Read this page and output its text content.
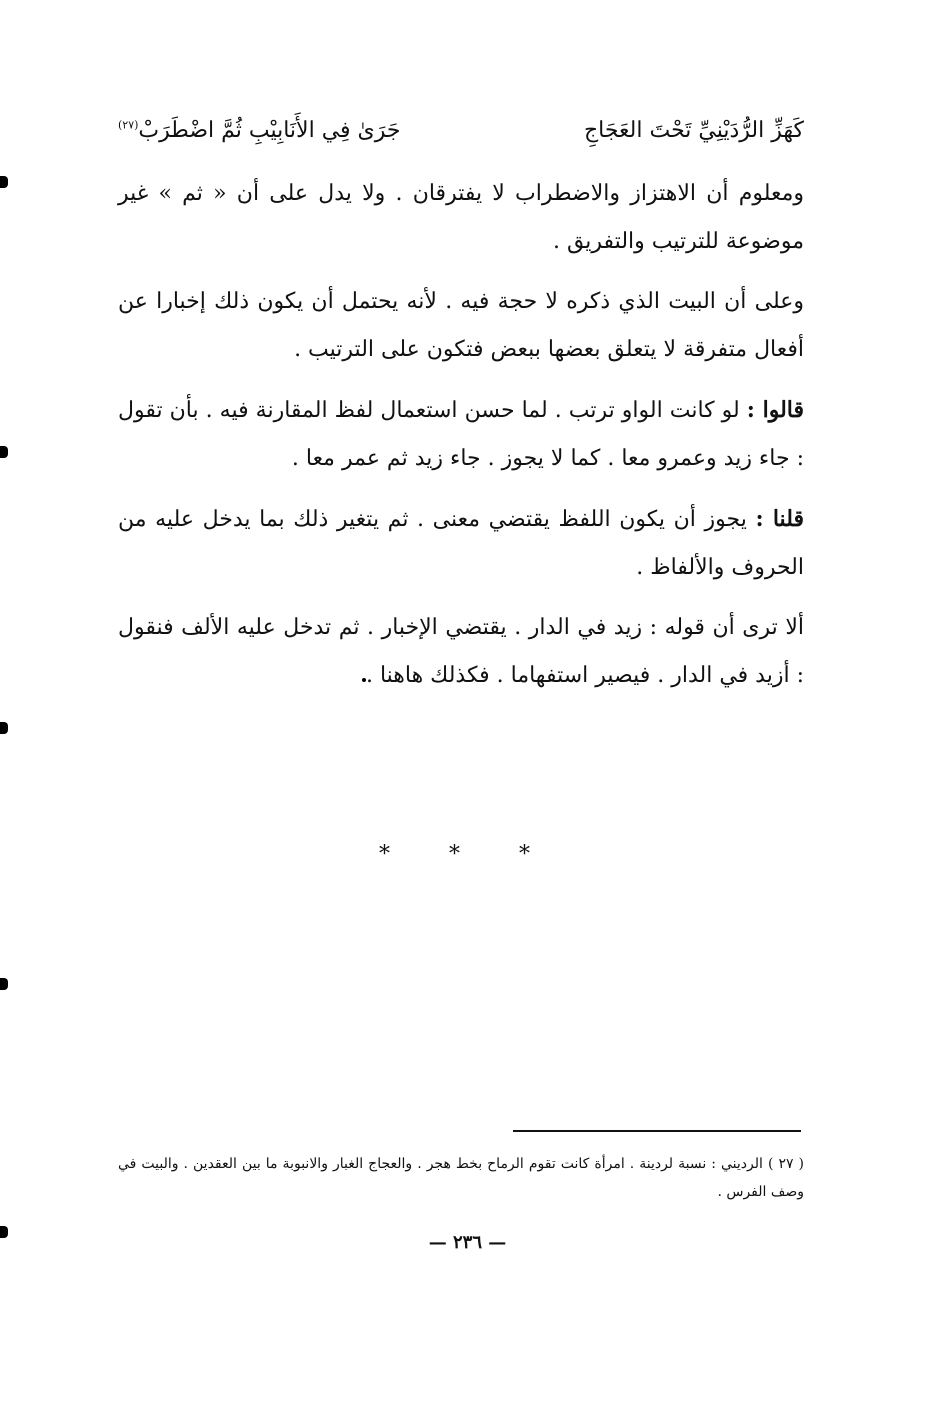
كَهَزِّ الرُّدَيْنِيِّ تَحْتَ العَجَاجِ
جَرَىٰ فِي الأَنَابِيْبِ ثُمَّ اضْطَرَبْ$^{(٢٧)}$

ومعلوم أن الاهتزاز والاضطراب لا يفترقان . ولا يدل على أن « ثم » غير موضوعة للترتيب والتفريق .

وعلى أن البيت الذي ذكره لا حجة فيه . لأنه يحتمل أن يكون ذلك إخبارا عن أفعال متفرقة لا يتعلق بعضها ببعض فتكون على الترتيب .

قالوا : لو كانت الواو ترتب . لما حسن استعمال لفظ المقارنة فيه . بأن تقول : جاء زيد وعمرو معا . كما لا يجوز . جاء زيد ثم عمر معا .

قلنا : يجوز أن يكون اللفظ يقتضي معنى . ثم يتغير ذلك بما يدخل عليه من الحروف والألفاظ .

ألا ترى أن قوله : زيد في الدار . يقتضي الإخبار . ثم تدخل عليه الألف فنقول : أزيد في الدار . فيصير استفهاما . فكذلك هاهنا .

* * *
( ٢٧ ) الرديني : نسبة لردينة . امرأة كانت تقوم الرماح بخط هجر . والعجاج الغبار والانبوبة ما بين العقدين . والبيت في وصف الفرس .
— ٢٣٦ —
